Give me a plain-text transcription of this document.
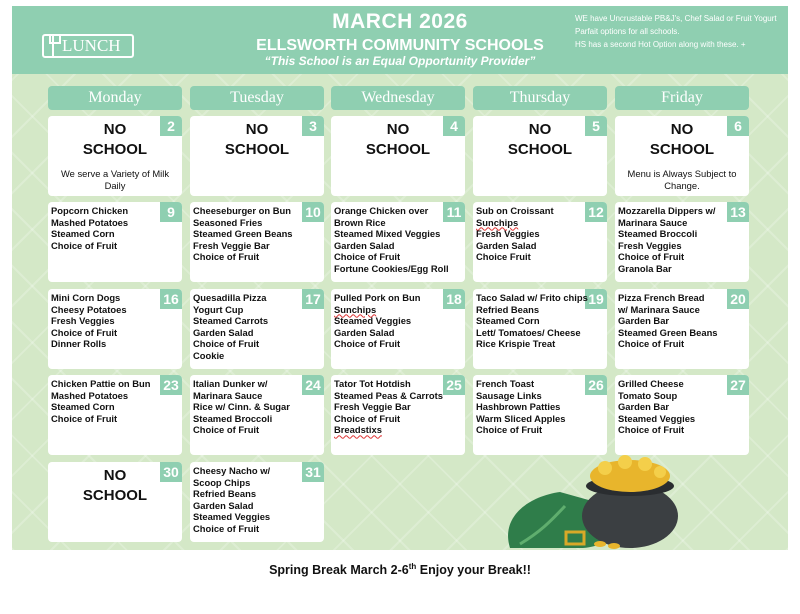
LUNCH
MARCH 2026
ELLSWORTH COMMUNITY SCHOOLS
“This School is an Equal Opportunity Provider”
WE have Uncrustable PB&J's, Chef Salad or Fruit Yogurt
Parfait options for all schools.
HS has a second Hot Option along with these. +
Monday	Tuesday	Wednesday	Thursday	Friday
2
NO
SCHOOL
We serve a Variety of Milk Daily
3
NO
SCHOOL
4
NO
SCHOOL
5
NO
SCHOOL
6
NO
SCHOOL
Menu is Always Subject to Change.
9
Popcorn Chicken
Mashed Potatoes
Steamed Corn
Choice of Fruit
10
Cheeseburger on Bun
Seasoned Fries
Steamed Green Beans
Fresh Veggie Bar
Choice of Fruit
11
Orange Chicken over
Brown Rice
Steamed Mixed Veggies
Garden Salad
Choice of Fruit
Fortune Cookies/Egg Roll
12
Sub on Croissant
Sunchips
Fresh Veggies
Garden Salad
Choice Fruit
13
Mozzarella Dippers w/
Marinara Sauce
Steamed Broccoli
Fresh Veggies
Choice of Fruit
Granola Bar
16
Mini Corn Dogs
Cheesy Potatoes
Fresh Veggies
Choice of Fruit
Dinner Rolls
17
Quesadilla Pizza
Yogurt Cup
Steamed Carrots
Garden Salad
Choice of Fruit
Cookie
18
Pulled Pork on Bun
Sunchips
Steamed Veggies
Garden Salad
Choice of Fruit
19
Taco Salad w/ Frito chips
Refried Beans
Steamed Corn
Lett/ Tomatoes/ Cheese
Rice Krispie Treat
20
Pizza French Bread
w/ Marinara Sauce
Garden Bar
Steamed Green Beans
Choice of Fruit
23
Chicken Pattie on Bun
Mashed Potatoes
Steamed Corn
Choice of Fruit
24
Italian Dunker w/
Marinara Sauce
Rice w/ Cinn. & Sugar
Steamed Broccoli
Choice of Fruit
25
Tator Tot Hotdish
Steamed Peas & Carrots
Fresh Veggie Bar
Choice of Fruit
Breadstixs
26
French Toast
Sausage Links
Hashbrown Patties
Warm Sliced Apples
Choice of Fruit
27
Grilled Cheese
Tomato Soup
Garden Bar
Steamed Veggies
Choice of Fruit
30
NO
SCHOOL
31
Cheesy Nacho w/
Scoop Chips
Refried Beans
Garden Salad
Steamed Veggies
Choice of Fruit
Spring Break March 2-6th Enjoy your Break!!
